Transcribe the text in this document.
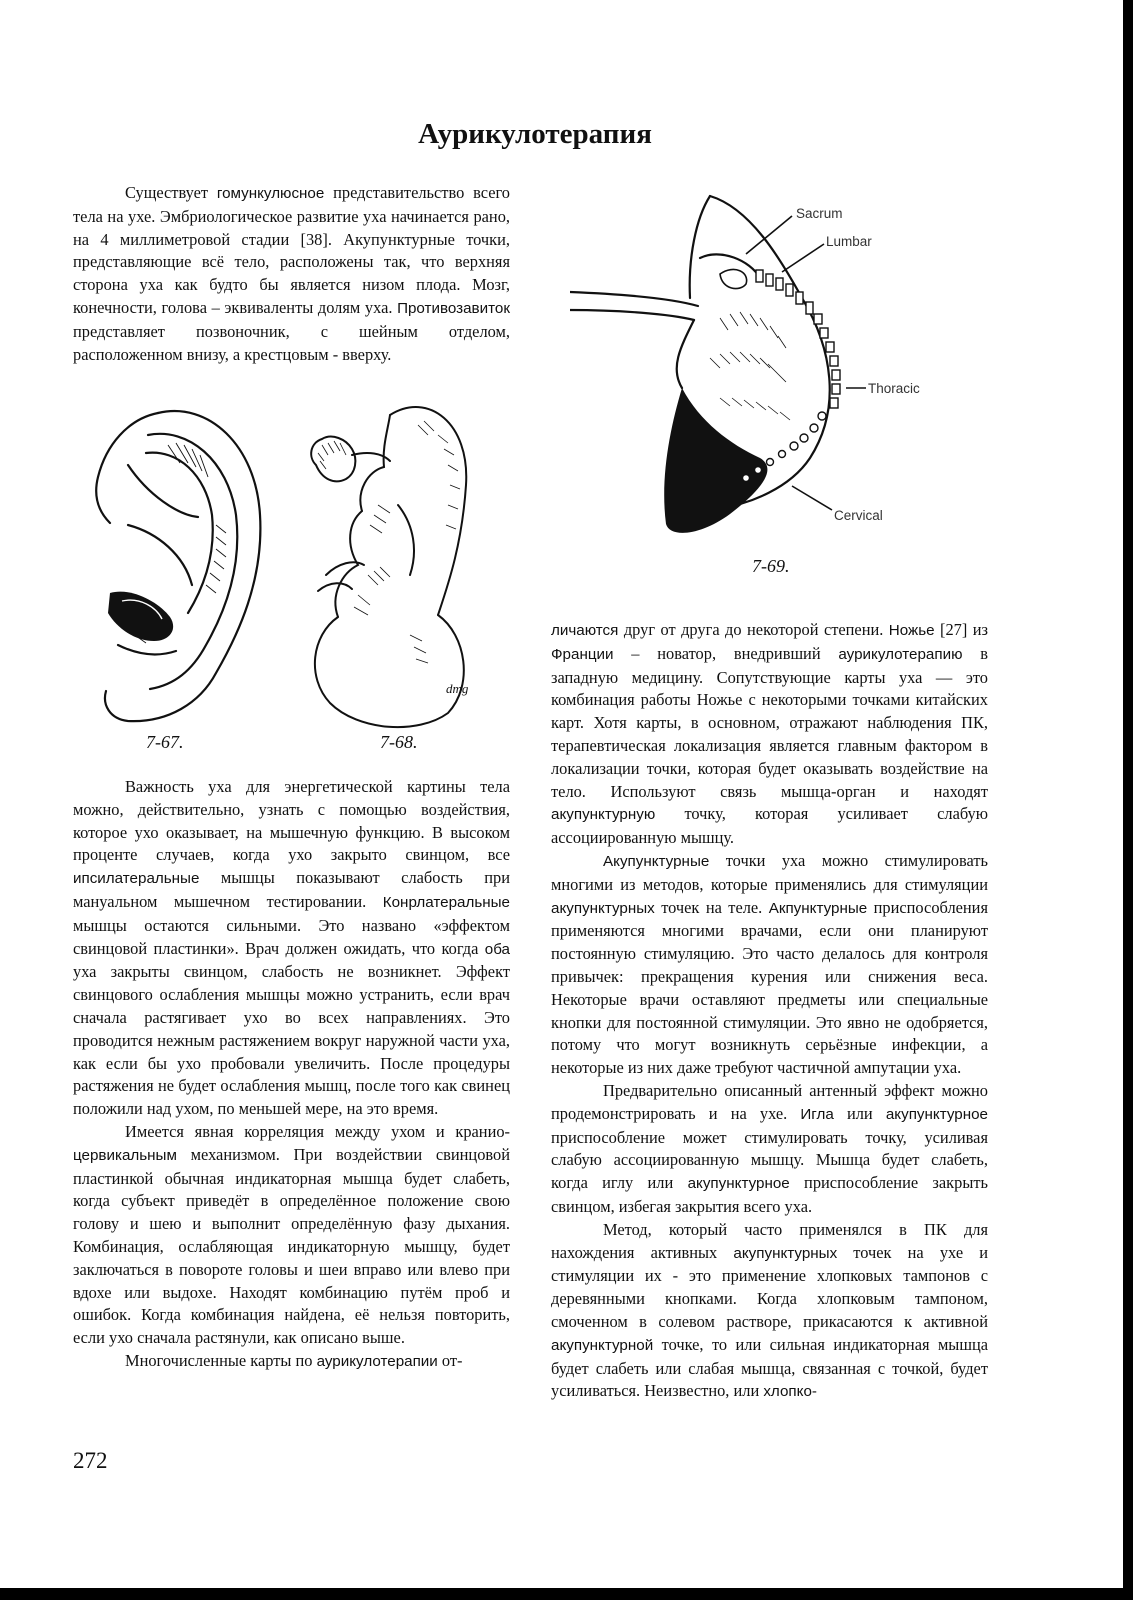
Аурикулотерапия

Существует гомункулюсное представительство всего тела на ухе. Эмбриологическое развитие уха начинается рано, на 4 миллиметровой стадии [38]. Акупунктурные точки, представляющие всё тело, расположены так, что верхняя сторона уха как будто бы является низом плода. Мозг, конечности, голова – эквиваленты долям уха. Противозавиток представляет позвоночник, с шейным отделом, расположенном внизу, а крестцовым - вверху.

dmg
7-67.	7-68.
Sacrum
Lumbar
Thoracic
Cervical
7-69.

Важность уха для энергетической картины тела можно, действительно, узнать с помощью воздействия, которое ухо оказывает, на мышечную функцию. В высоком проценте случаев, когда ухо закрыто свинцом, все ипсилатеральные мышцы показывают слабость при мануальном мышечном тестировании. Конрлатеральные мышцы остаются сильными. Это названо «эффектом свинцовой пластинки». Врач должен ожидать, что когда оба уха закрыты свинцом, слабость не возникнет. Эффект свинцового ослабления мышцы можно устранить, если врач сначала растягивает ухо во всех направлениях. Это проводится нежным растяжением вокруг наружной части уха, как если бы ухо пробовали увеличить. После процедуры растяжения не будет ослабления мышц, после того как свинец положили над ухом, по меньшей мере, на это время.

Имеется явная корреляция между ухом и кранио-цервикальным механизмом. При воздействии свинцовой пластинкой обычная индикаторная мышца будет слабеть, когда субъект приведёт в определённое положение свою голову и шею и выполнит определённую фазу дыхания. Комбинация, ослабляющая индикаторную мышцу, будет заключаться в повороте головы и шеи вправо или влево при вдохе или выдохе. Находят комбинацию путём проб и ошибок. Когда комбинация найдена, её нельзя повторить, если ухо сначала растянули, как описано выше.

Многочисленные карты по аурикулотерапии от-

личаются друг от друга до некоторой степени. Ножье [27] из Франции – новатор, внедривший аурикулотерапию в западную медицину. Сопутствующие карты уха — это комбинация работы Ножье с некоторыми точками китайских карт. Хотя карты, в основном, отражают наблюдения ПК, терапевтическая локализация является главным фактором в локализации точки, которая будет оказывать воздействие на тело. Используют связь мышца-орган и находят акупунктурную точку, которая усиливает слабую ассоциированную мышцу.

Акупунктурные точки уха можно стимулировать многими из методов, которые применялись для стимуляции акупунктурных точек на теле. Акпунктурные приспособления применяются многими врачами, если они планируют постоянную стимуляцию. Это часто делалось для контроля привычек: прекращения курения или снижения веса. Некоторые врачи оставляют предметы или специальные кнопки для постоянной стимуляции. Это явно не одобряется, потому что могут возникнуть серьёзные инфекции, а некоторые из них даже требуют частичной ампутации уха.

Предварительно описанный антенный эффект можно продемонстрировать и на ухе. Игла или акупунктурное приспособление может стимулировать точку, усиливая слабую ассоциированную мышцу. Мышца будет слабеть, когда иглу или акупунктурное приспособление закрыть свинцом, избегая закрытия всего уха.

Метод, который часто применялся в ПК для нахождения активных акупунктурных точек на ухе и стимуляции их - это применение хлопковых тампонов с деревянными кнопками. Когда хлопковым тампоном, смоченном в солевом растворе, прикасаются к активной акупунктурной точке, то или сильная индикаторная мышца будет слабеть или слабая мышца, связанная с точкой, будет усиливаться. Неизвестно, или хлопко-

272
